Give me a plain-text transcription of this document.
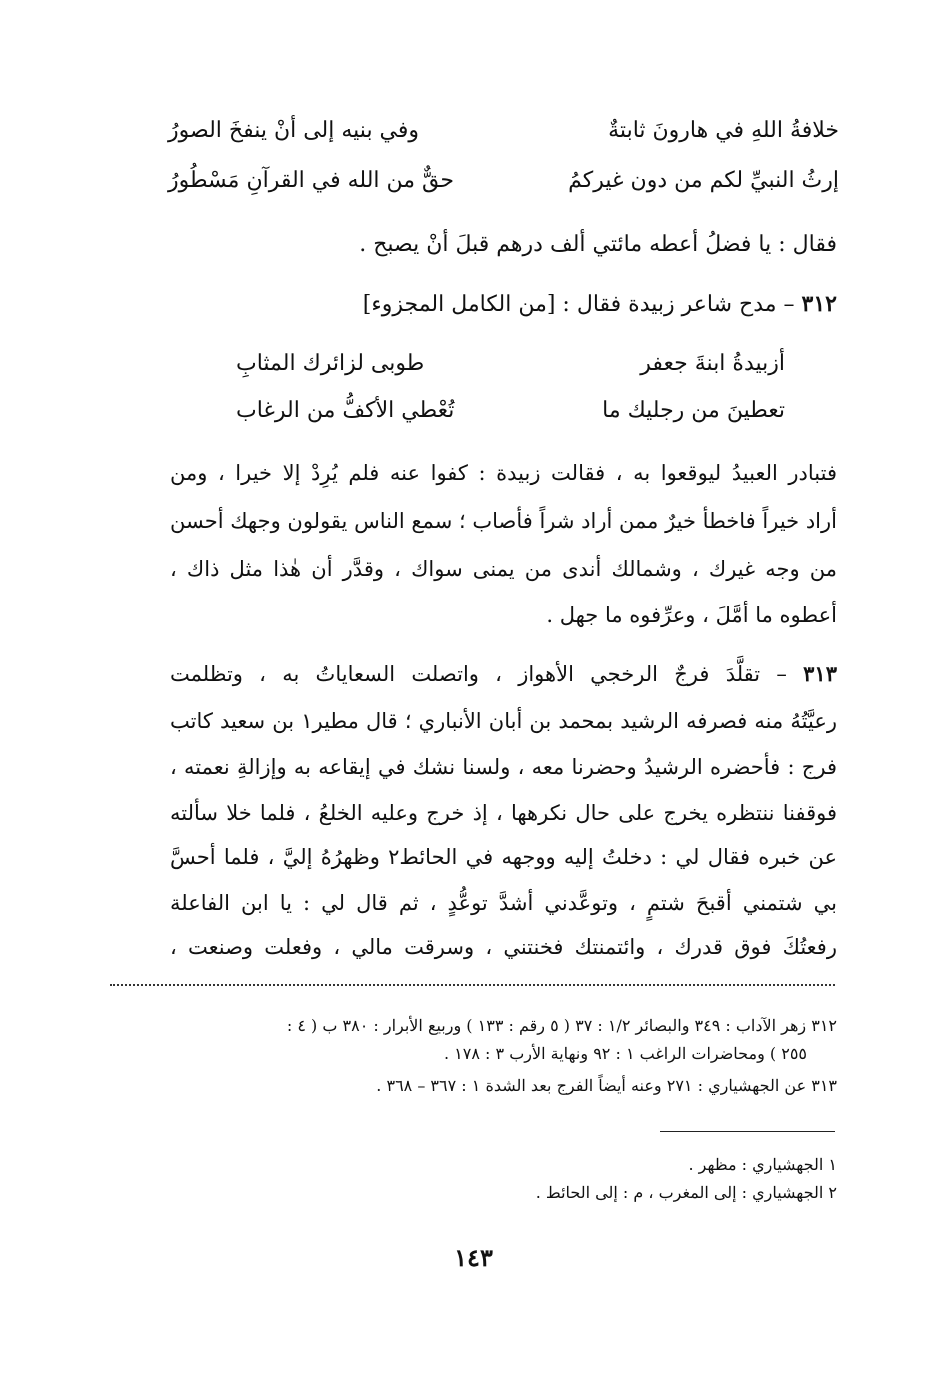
خلافةُ اللهِ في هارونَ ثابتةٌ
وفي بنيه إلى أنْ ينفخَ الصورُ
إرثُ النبيِّ لكم من دون غيركمُ
حقٌّ من الله في القرآنِ مَسْطُورُ
فقال : يا فضلُ أعطه مائتي ألف درهم قبلَ أنْ يصبح .
٣١٢ – مدح شاعر زبيدة فقال : [من الكامل المجزوء]
أزبيدةُ ابنةَ جعفر
طوبى لزائرك المثابِ
تعطينَ من رجليك ما
تُعْطي الأكفُّ من الرغاب
فتبادر العبيدُ ليوقعوا به ، فقالت زبيدة : كفوا عنه فلم يُرِدْ إلا خيرا ، ومن
أراد خيراً فاخطأ خيرٌ ممن أراد شراً فأصاب ؛ سمع الناس يقولون وجهك أحسن
من وجه غيرك ، وشمالك أندى من يمنى سواك ، وقدَّر أن هٰذا مثل ذاك ،
أعطوه ما أمَّلَ ، وعرِّفوه ما جهل .
٣١٣ – تقلَّدَ فرجٌ الرخجي الأهواز ، واتصلت السعاياتُ به ، وتظلمت
رعيَّتُهُ منه فصرفه الرشيد بمحمد بن أبان الأنباري ؛ قال مطير١ بن سعيد كاتب
فرج : فأحضره الرشيدُ وحضرنا معه ، ولسنا نشك في إيقاعه به وإزالةِ نعمته ،
فوقفنا ننتظره يخرج على حال نكرهها ، إذ خرج وعليه الخلعُ ، فلما خلا سألته
عن خبره فقال لي : دخلتُ إليه ووجهه في الحائط٢ وظهرُهُ إليَّ ، فلما أحسَّ
بي شتمني أقبحَ شتمٍ ، وتوعَّدني أشدَّ توعُّدٍ ، ثم قال لي : يا ابن الفاعلة
رفعتُكَ فوق قدرك ، وائتمنتك فخنتني ، وسرقت مالي ، وفعلت وصنعت ،
٣١٢ زهر الآداب : ٣٤٩ والبصائر ١/٢ : ٣٧ ( ٥ رقم : ١٣٣ ) وربيع الأبرار : ٣٨٠ ب ( ٤ :
٢٥٥ ) ومحاضرات الراغب ١ : ٩٢ ونهاية الأرب ٣ : ١٧٨ .
٣١٣ عن الجهشياري : ٢٧١ وعنه أيضاً الفرج بعد الشدة ١ : ٣٦٧ – ٣٦٨ .
١ الجهشياري : مظهر .
٢ الجهشياري : إلى المغرب ، م : إلى الحائط .
١٤٣
